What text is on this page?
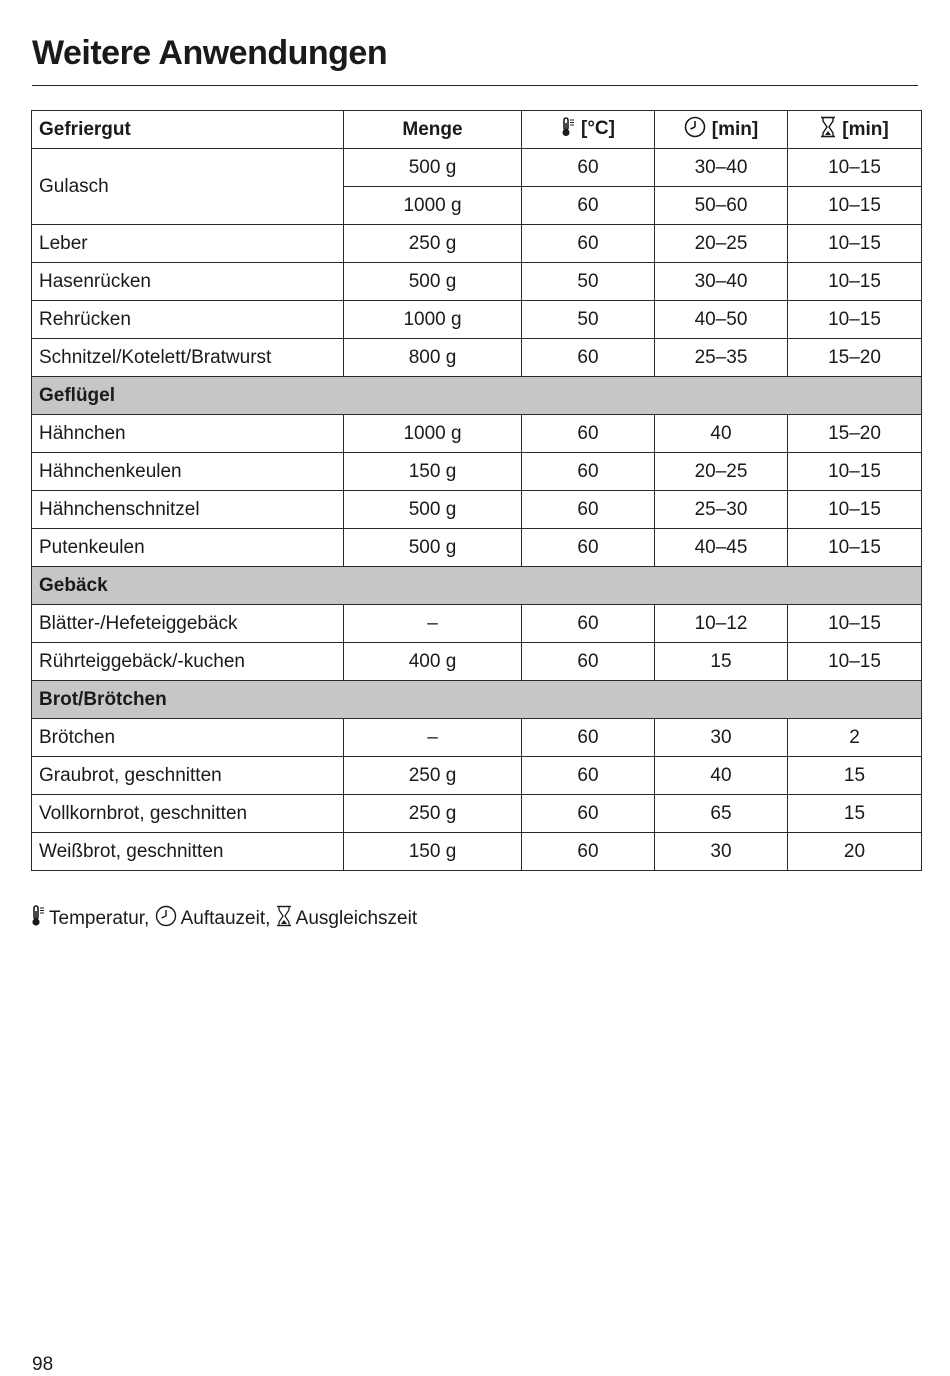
Weitere Anwendungen
Gefriergut	Menge	[°C]	[min]	[min]
Gulasch	500 g	60	30–40	10–15
	1000 g	60	50–60	10–15
Leber	250 g	60	20–25	10–15
Hasenrücken	500 g	50	30–40	10–15
Rehrücken	1000 g	50	40–50	10–15
Schnitzel/Kotelett/Bratwurst	800 g	60	25–35	15–20
Geflügel				
Hähnchen	1000 g	60	40	15–20
Hähnchenkeulen	150 g	60	20–25	10–15
Hähnchenschnitzel	500 g	60	25–30	10–15
Putenkeulen	500 g	60	40–45	10–15
Gebäck				
Blätter-/Hefeteiggebäck	–	60	10–12	10–15
Rührteiggebäck/-kuchen	400 g	60	15	10–15
Brot/Brötchen				
Brötchen	–	60	30	2
Graubrot, geschnitten	250 g	60	40	15
Vollkornbrot, geschnitten	250 g	60	65	15
Weißbrot, geschnitten	150 g	60	30	20
Temperatur,
Auftauzeit,
Ausgleichszeit
98
